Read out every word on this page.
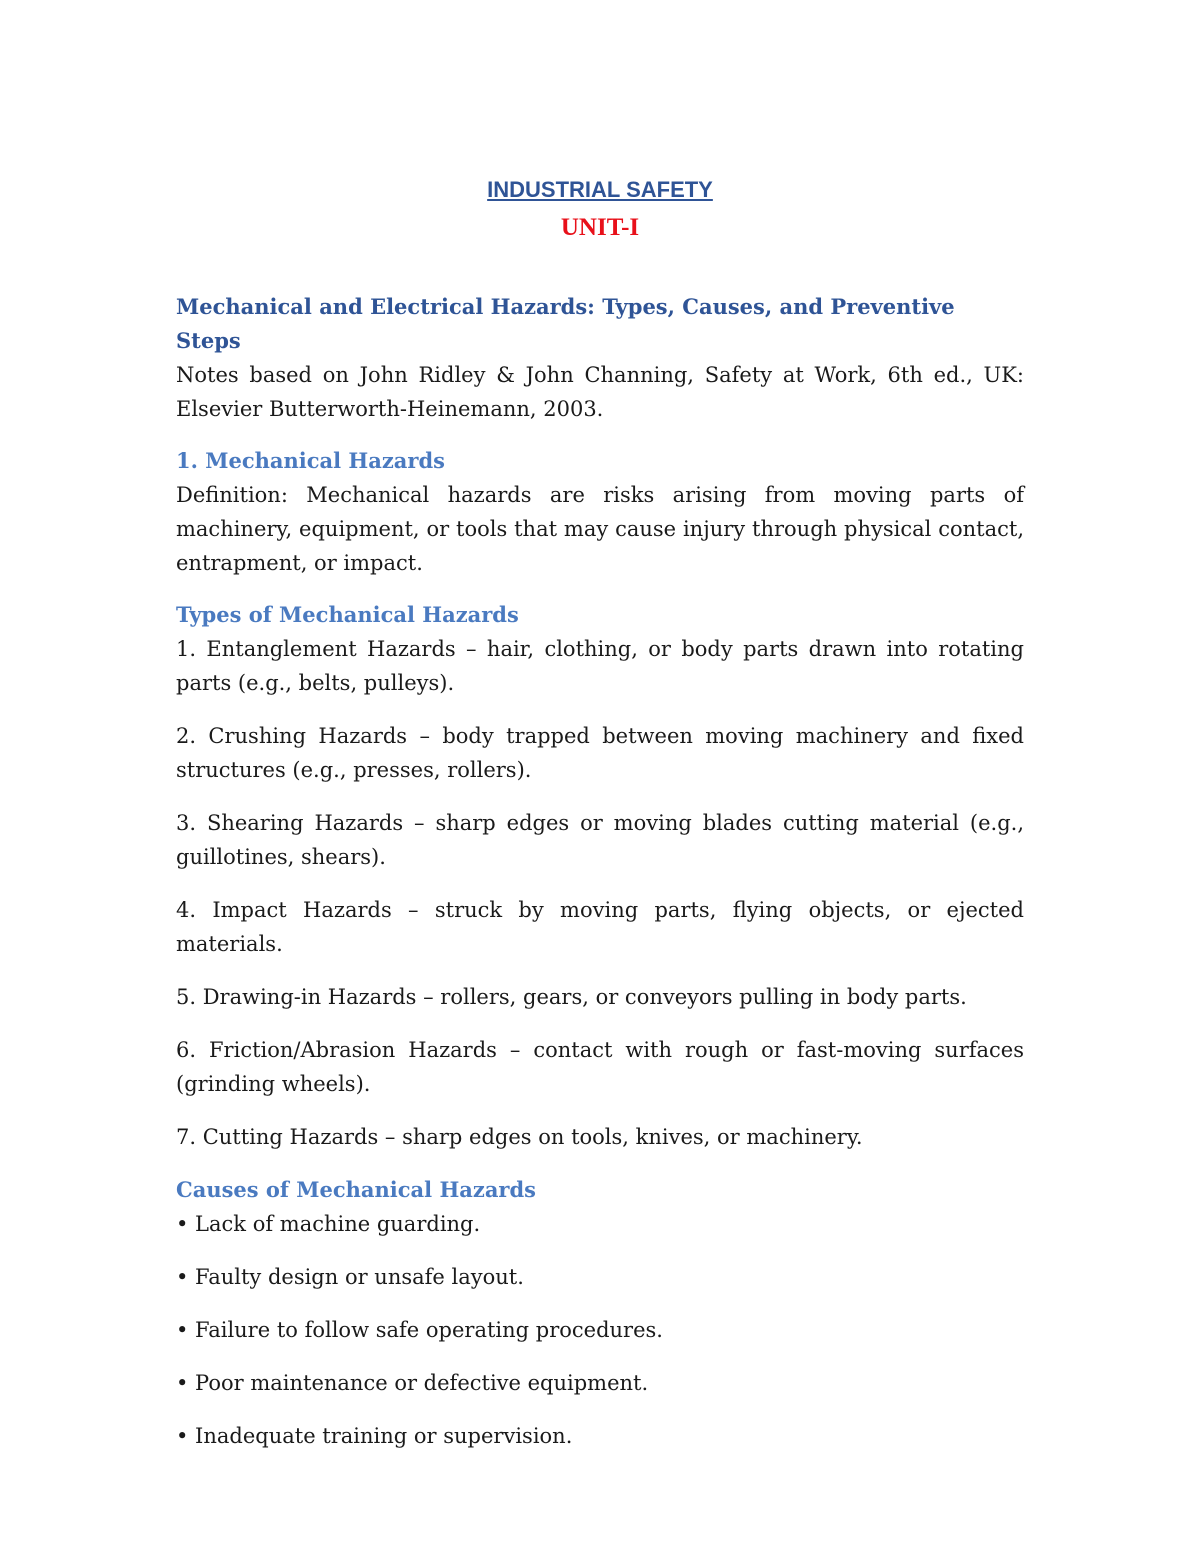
INDUSTRIAL SAFETY
UNIT-I

Mechanical and Electrical Hazards: Types, Causes, and Preventive Steps

Notes based on John Ridley & John Channing, Safety at Work, 6th ed., UK: Elsevier Butterworth-Heinemann, 2003.

1. Mechanical Hazards

Definition: Mechanical hazards are risks arising from moving parts of machinery, equipment, or tools that may cause injury through physical contact, entrapment, or impact.

Types of Mechanical Hazards

1. Entanglement Hazards – hair, clothing, or body parts drawn into rotating parts (e.g., belts, pulleys).
2. Crushing Hazards – body trapped between moving machinery and fixed structures (e.g., presses, rollers).
3. Shearing Hazards – sharp edges or moving blades cutting material (e.g., guillotines, shears).
4. Impact Hazards – struck by moving parts, flying objects, or ejected materials.
5. Drawing-in Hazards – rollers, gears, or conveyors pulling in body parts.
6. Friction/Abrasion Hazards – contact with rough or fast-moving surfaces (grinding wheels).
7. Cutting Hazards – sharp edges on tools, knives, or machinery.

Causes of Mechanical Hazards

• Lack of machine guarding.
• Faulty design or unsafe layout.
• Failure to follow safe operating procedures.
• Poor maintenance or defective equipment.
• Inadequate training or supervision.
